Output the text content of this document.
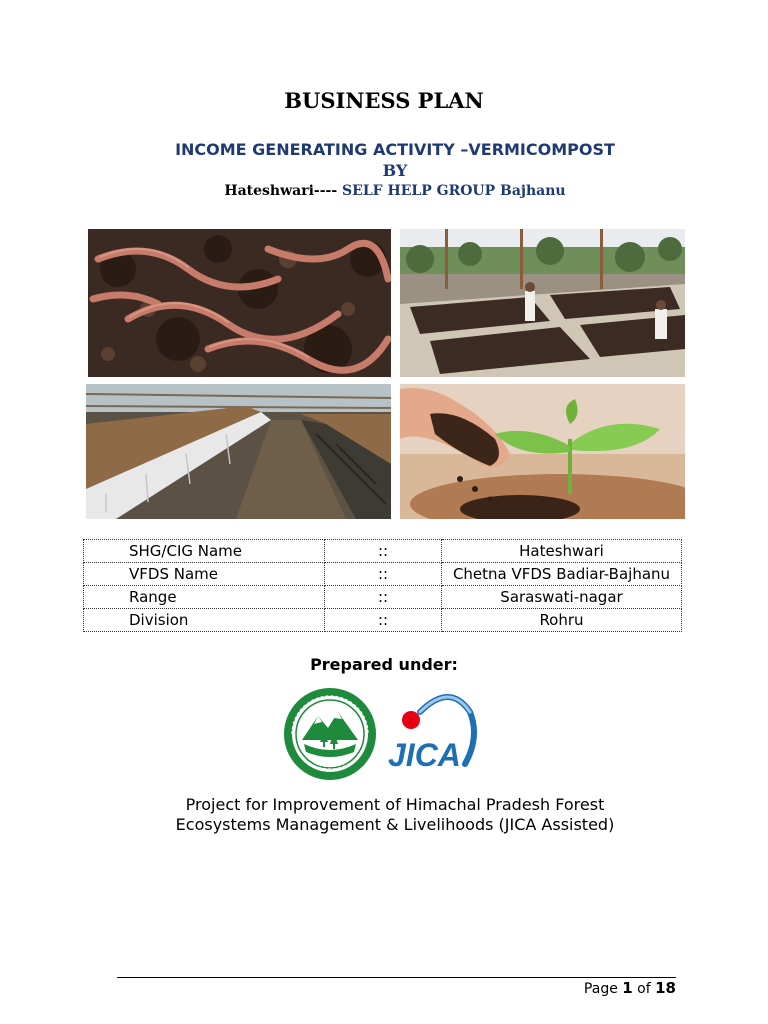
BUSINESS PLAN
INCOME GENERATING ACTIVITY –VERMICOMPOST
BY
Hateshwari---- SELF HELP GROUP Bajhanu
SHG/CIG Name	::	Hateshwari
VFDS Name	::	Chetna VFDS Badiar-Bajhanu
Range	::	Saraswati-nagar
Division	::	Rohru
Prepared under:
JICA
Project for Improvement of Himachal Pradesh Forest
Ecosystems Management & Livelihoods (JICA Assisted)
Page 1 of 18
